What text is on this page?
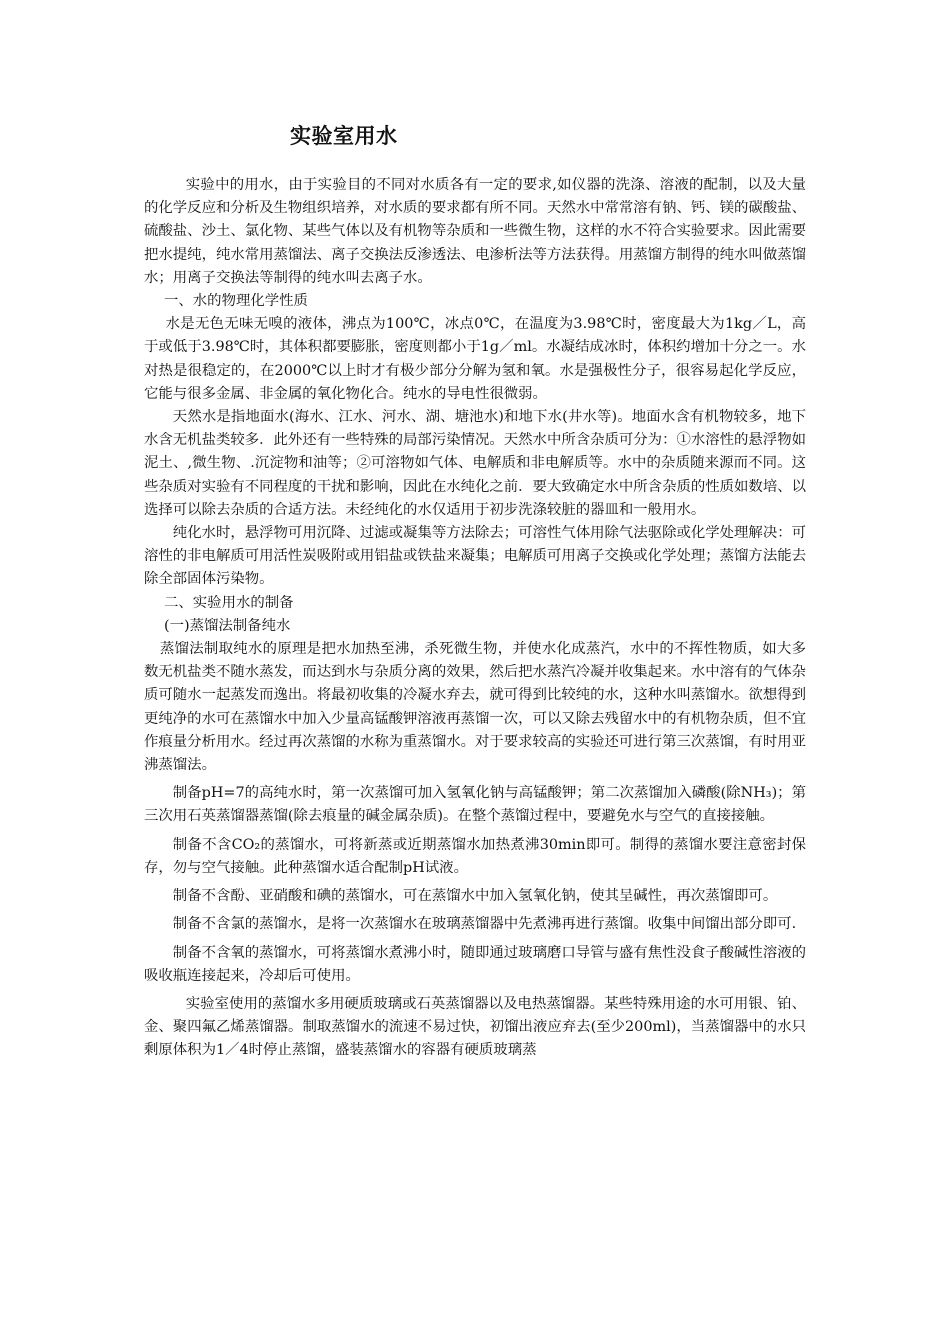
实验室用水

实验中的用水，由于实验目的不同对水质各有一定的要求,如仪器的洗涤、溶液的配制，以及大量的化学反应和分析及生物组织培养，对水质的要求都有所不同。天然水中常常溶有钠、钙、镁的碳酸盐、硫酸盐、沙土、氯化物、某些气体以及有机物等杂质和一些微生物，这样的水不符合实验要求。因此需要把水提纯，纯水常用蒸馏法、离子交换法反渗透法、电渗析法等方法获得。用蒸馏方制得的纯水叫做蒸馏水；用离子交换法等制得的纯水叫去离子水。

一、水的物理化学性质

水是无色无味无嗅的液体，沸点为100℃，冰点0℃，在温度为3.98℃时，密度最大为1kg／L，高于或低于3.98℃时，其体积都要膨胀，密度则都小于1g／ml。水凝结成冰时，体积约增加十分之一。水对热是很稳定的，在2000℃以上时才有极少部分分解为氢和氧。水是强极性分子，很容易起化学反应，它能与很多金属、非金属的氧化物化合。纯水的导电性很微弱。

天然水是指地面水(海水、江水、河水、湖、塘池水)和地下水(井水等)。地面水含有机物较多，地下水含无机盐类较多．此外还有一些特殊的局部污染情况。天然水中所含杂质可分为：①水溶性的悬浮物如泥土、,微生物、.沉淀物和油等；②可溶物如气体、电解质和非电解质等。水中的杂质随来源而不同。这些杂质对实验有不同程度的干扰和影响，因此在水纯化之前．要大致确定水中所含杂质的性质如数培、以选择可以除去杂质的合适方法。未经纯化的水仅适用于初步洗涤较脏的器皿和一般用水。

纯化水时，悬浮物可用沉降、过滤或凝集等方法除去；可溶性气体用除气法驱除或化学处理解决：可溶性的非电解质可用活性炭吸附或用铝盐或铁盐来凝集；电解质可用离子交换或化学处理；蒸馏方法能去除全部固体污染物。

二、实验用水的制备

(一)蒸馏法制备纯水

蒸馏法制取纯水的原理是把水加热至沸，杀死微生物，并使水化成蒸汽，水中的不挥性物质，如大多数无机盐类不随水蒸发，而达到水与杂质分离的效果，然后把水蒸汽冷凝并收集起来。水中溶有的气体杂质可随水一起蒸发而逸出。将最初收集的冷凝水弃去，就可得到比较纯的水，这种水叫蒸馏水。欲想得到更纯净的水可在蒸馏水中加入少量高锰酸钾溶液再蒸馏一次，可以又除去残留水中的有机物杂质，但不宜作痕量分析用水。经过再次蒸馏的水称为重蒸馏水。对于要求较高的实验还可进行第三次蒸馏，有时用亚沸蒸馏法。

制备pH=7的高纯水时，第一次蒸馏可加入氢氧化钠与高锰酸钾；第二次蒸馏加入磷酸(除NH₃)；第三次用石英蒸馏器蒸馏(除去痕量的碱金属杂质)。在整个蒸馏过程中，要避免水与空气的直接接触。

制备不含CO₂的蒸馏水，可将新蒸或近期蒸馏水加热煮沸30min即可。制得的蒸馏水要注意密封保存，勿与空气接触。此种蒸馏水适合配制pH试液。

制备不含酚、亚硝酸和碘的蒸馏水，可在蒸馏水中加入氢氧化钠，使其呈碱性，再次蒸馏即可。

制备不含氯的蒸馏水，是将一次蒸馏水在玻璃蒸馏器中先煮沸再进行蒸馏。收集中间馏出部分即可.

制备不含氧的蒸馏水，可将蒸馏水煮沸小时，随即通过玻璃磨口导管与盛有焦性没食子酸碱性溶液的吸收瓶连接起来，冷却后可使用。

实验室使用的蒸馏水多用硬质玻璃或石英蒸馏器以及电热蒸馏器。某些特殊用途的水可用银、铂、金、聚四氟乙烯蒸馏器。制取蒸馏水的流速不易过快，初馏出液应弃去(至少200ml)，当蒸馏器中的水只剩原体积为1／4时停止蒸馏，盛装蒸馏水的容器有硬质玻璃蒸
